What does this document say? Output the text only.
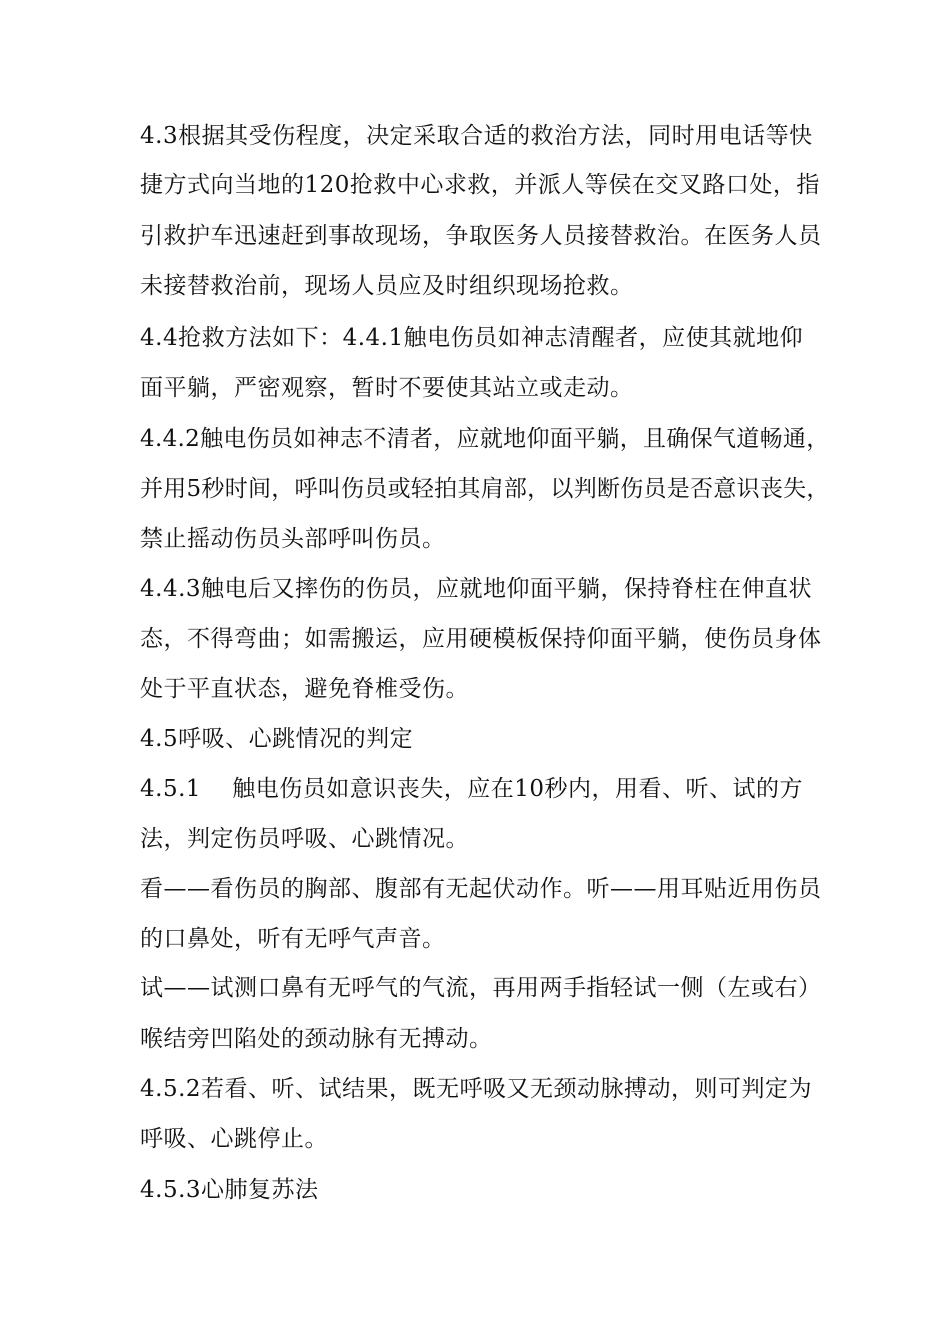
4.3根据其受伤程度，决定采取合适的救治方法，同时用电话等快
捷方式向当地的120抢救中心求救，并派人等侯在交叉路口处，指
引救护车迅速赶到事故现场，争取医务人员接替救治。在医务人员
未接替救治前，现场人员应及时组织现场抢救。
4.4抢救方法如下：4.4.1触电伤员如神志清醒者，应使其就地仰
面平躺，严密观察，暂时不要使其站立或走动。
4.4.2触电伤员如神志不清者，应就地仰面平躺，且确保气道畅通，
并用5秒时间，呼叫伤员或轻拍其肩部，以判断伤员是否意识丧失，
禁止摇动伤员头部呼叫伤员。
4.4.3触电后又摔伤的伤员，应就地仰面平躺，保持脊柱在伸直状
态，不得弯曲；如需搬运，应用硬模板保持仰面平躺，使伤员身体
处于平直状态，避免脊椎受伤。
4.5呼吸、心跳情况的判定
4.5.1    触电伤员如意识丧失，应在10秒内，用看、听、试的方
法，判定伤员呼吸、心跳情况。
看——看伤员的胸部、腹部有无起伏动作。听——用耳贴近用伤员
的口鼻处，听有无呼气声音。
试——试测口鼻有无呼气的气流，再用两手指轻试一侧（左或右）
喉结旁凹陷处的颈动脉有无搏动。
4.5.2若看、听、试结果，既无呼吸又无颈动脉搏动，则可判定为
呼吸、心跳停止。
4.5.3心肺复苏法
